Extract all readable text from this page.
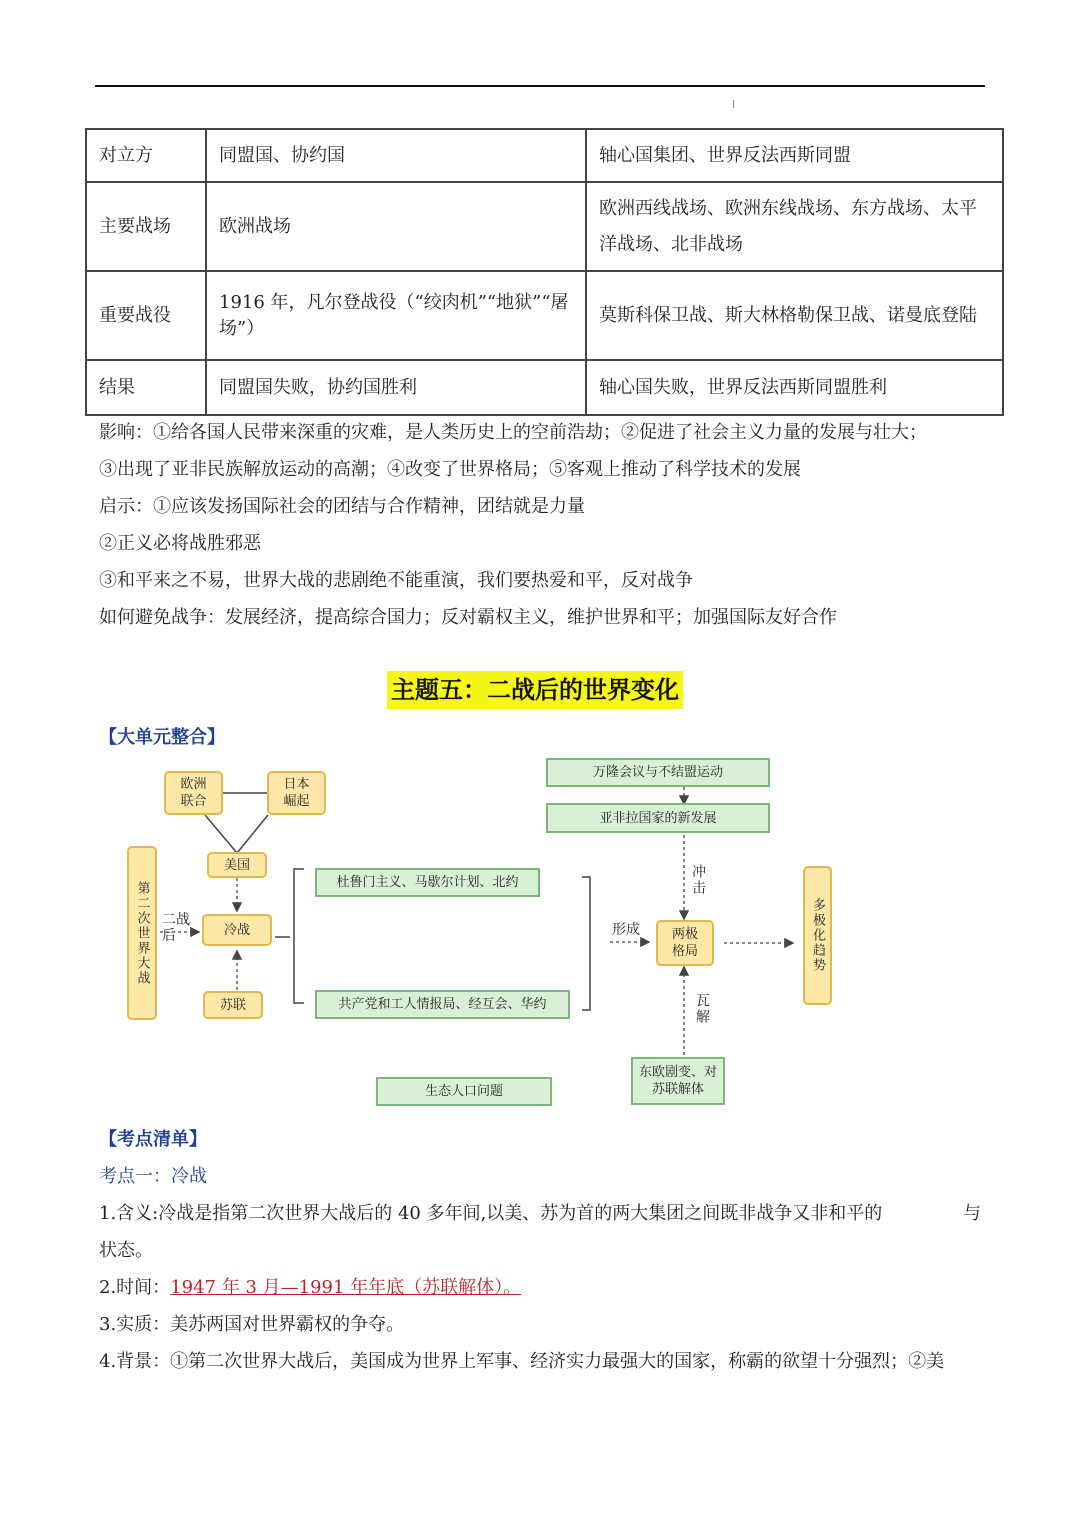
对立方	同盟国、协约国	轴心国集团、世界反法西斯同盟
主要战场	欧洲战场	欧洲西线战场、欧洲东线战场、东方战场、太平洋战场、北非战场
重要战役	1916 年，凡尔登战役（“绞肉机”“地狱”“屠场”）	莫斯科保卫战、斯大林格勒保卫战、诺曼底登陆
结果	同盟国失败，协约国胜利	轴心国失败，世界反法西斯同盟胜利
影响：①给各国人民带来深重的灾难，是人类历史上的空前浩劫；②促进了社会主义力量的发展与壮大；
③出现了亚非民族解放运动的高潮；④改变了世界格局；⑤客观上推动了科学技术的发展
启示：①应该发扬国际社会的团结与合作精神，团结就是力量
②正义必将战胜邪恶
③和平来之不易，世界大战的悲剧绝不能重演，我们要热爱和平，反对战争
如何避免战争：发展经济，提高综合国力；反对霸权主义，维护世界和平；加强国际友好合作
主题五：二战后的世界变化
【大单元整合】
欧洲联合
日本崛起
美国
冷战
苏联
第二次世界大战 二战后
杜鲁门主义、马歇尔计划、北约
共产党和工人情报局、经互会、华约
形成
万隆会议与不结盟运动
亚非拉国家的新发展
冲击
两极格局
瓦解
东欧剧变、对苏联解体
多极化趋势
生态人口问题
【考点清单】
考点一：冷战
1.含义:冷战是指第二次世界大战后的 40 多年间,以美、苏为首的两大集团之间既非战争又非和平的	与
状态。
2.时间：1947 年 3 月—1991 年年底（苏联解体）。
3.实质：美苏两国对世界霸权的争夺。
4.背景：①第二次世界大战后，美国成为世界上军事、经济实力最强大的国家，称霸的欲望十分强烈；②美
